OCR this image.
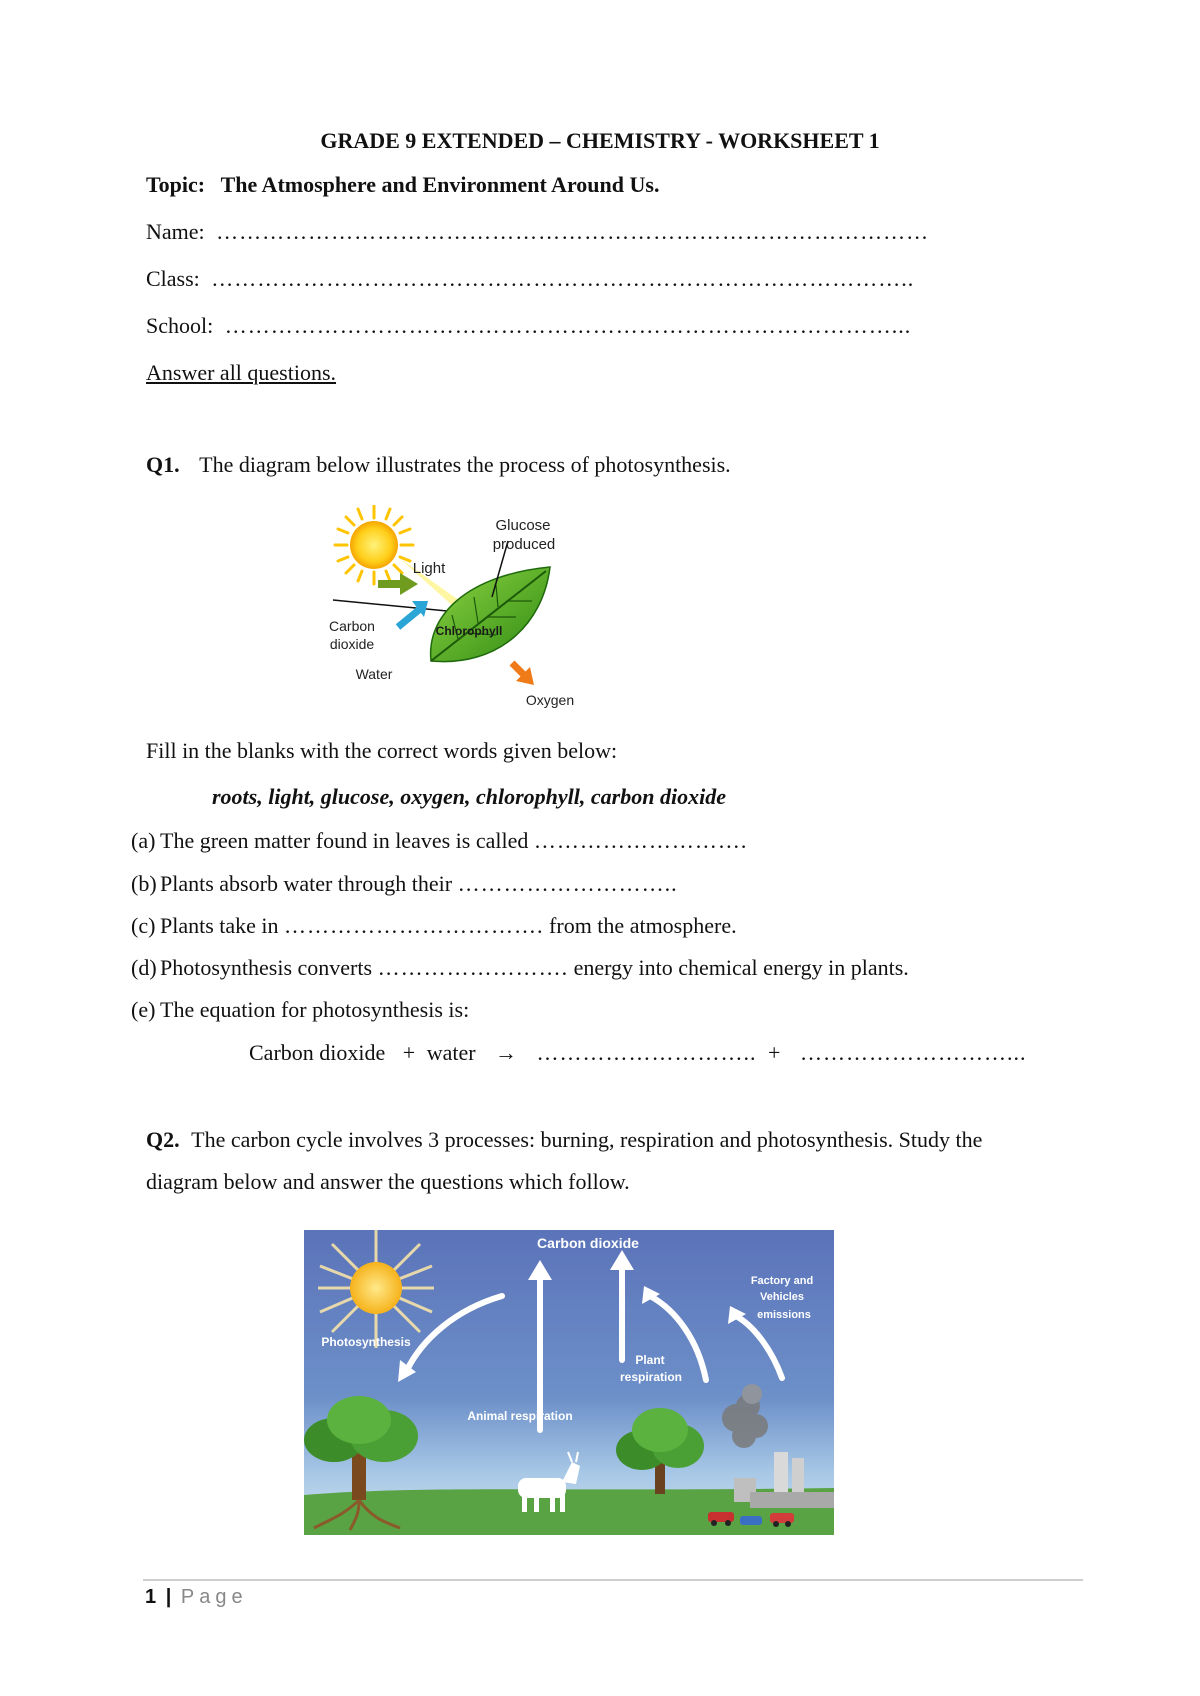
GRADE 9 EXTENDED – CHEMISTRY - WORKSHEET 1
Topic: The Atmosphere and Environment Around Us.
Name: …………………………………………………………………………………
Class: ………………………………………………………………………………..
School: ……………………………………………………………………………...
Answer all questions.
Q1. The diagram below illustrates the process of photosynthesis.
Glucose
produced
Light
Carbon
dioxide
Chlorophyll
Water
Oxygen
Fill in the blanks with the correct words given below:
roots, light, glucose, oxygen, chlorophyll, carbon dioxide
(a) The green matter found in leaves is called ……………………….
(b) Plants absorb water through their ………………………..
(c) Plants take in ……………………………. from the atmosphere.
(d) Photosynthesis converts ……………………. energy into chemical energy in plants.
(e) The equation for photosynthesis is:
Carbon dioxide + water → ……………………….. + ………………………...
Q2. The carbon cycle involves 3 processes: burning, respiration and photosynthesis. Study the
diagram below and answer the questions which follow.
Carbon dioxide
Factory and
Vehicles
emissions
Photosynthesis
Plant
respiration
Animal respiration
1 | Page
